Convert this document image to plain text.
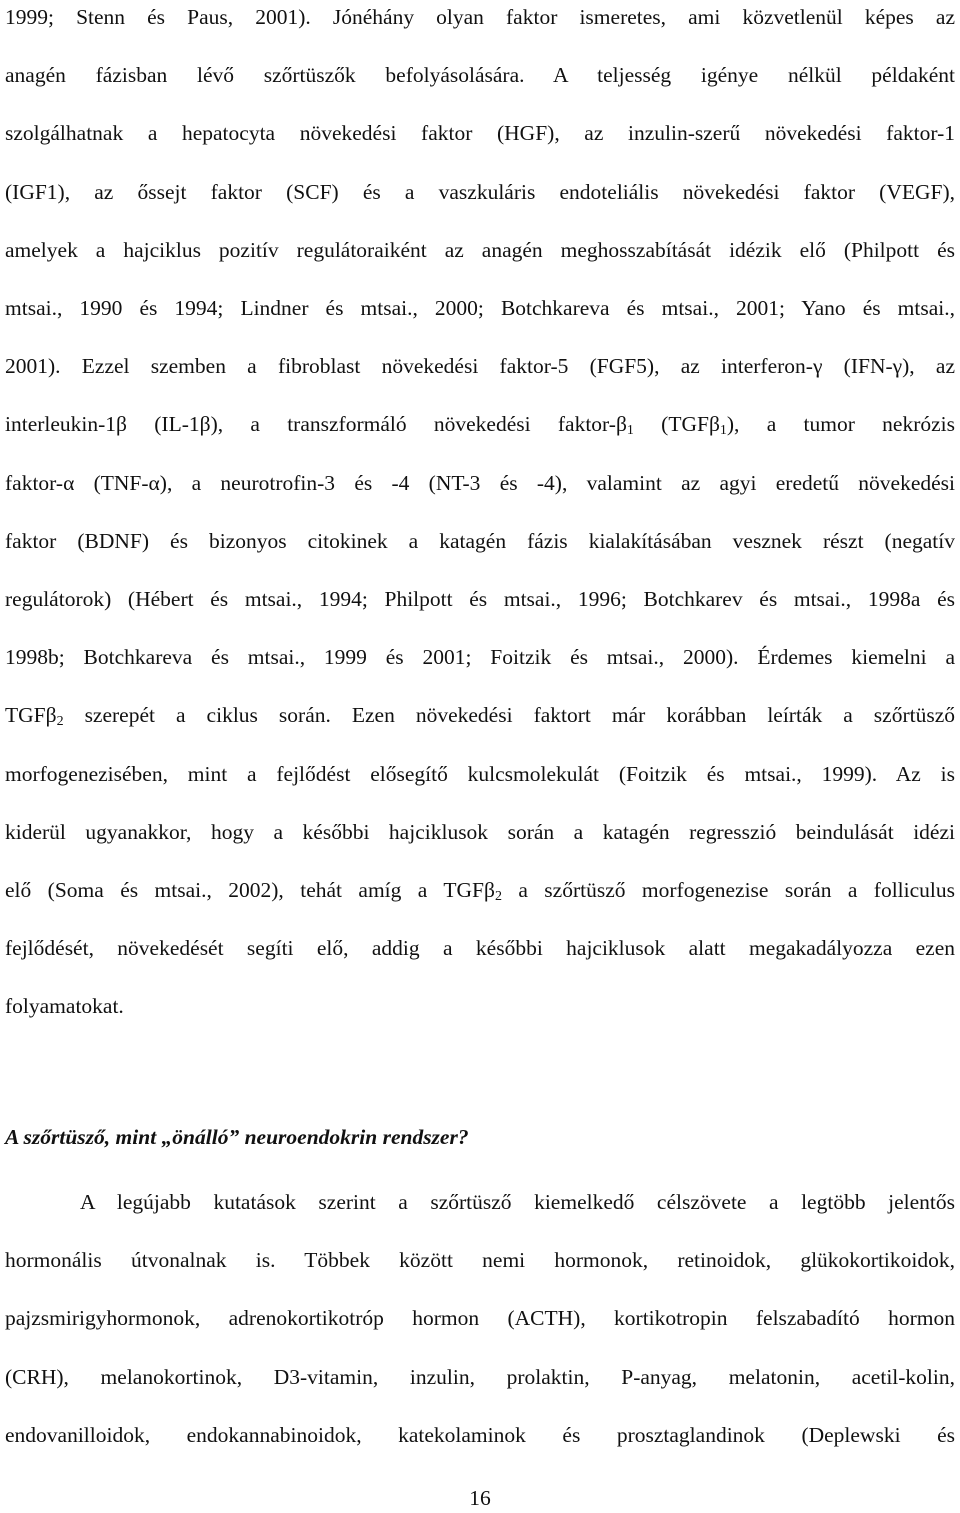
1999; Stenn és Paus, 2001). Jónéhány olyan faktor ismeretes, ami közvetlenül képes az
anagén fázisban lévő szőrtüszők befolyásolására. A teljesség igénye nélkül példaként
szolgálhatnak a hepatocyta növekedési faktor (HGF), az inzulin-szerű növekedési faktor-1
(IGF1), az őssejt faktor (SCF) és a vaszkuláris endoteliális növekedési faktor (VEGF),
amelyek a hajciklus pozitív regulátoraiként az anagén meghosszabítását idézik elő (Philpott és
mtsai., 1990 és 1994; Lindner és mtsai., 2000; Botchkareva és mtsai., 2001; Yano és mtsai.,
2001). Ezzel szemben a fibroblast növekedési faktor-5 (FGF5), az interferon-γ (IFN-γ), az
interleukin-1β (IL-1β), a transzformáló növekedési faktor-$\beta_1$ (TGFβ$_1$), a tumor nekrózis
faktor-α (TNF-α), a neurotrofin-3 és -4 (NT-3 és -4), valamint az agyi eredetű növekedési
faktor (BDNF) és bizonyos citokinek a katagén fázis kialakításában vesznek részt (negatív
regulátorok) (Hébert és mtsai., 1994; Philpott és mtsai., 1996; Botchkarev és mtsai., 1998a és
1998b; Botchkareva és mtsai., 1999 és 2001; Foitzik és mtsai., 2000). Érdemes kiemelni a
TGFβ$_2$ szerepét a ciklus során. Ezen növekedési faktort már korábban leírták a szőrtüsző
morfogenezisében, mint a fejlődést elősegítő kulcsmolekulát (Foitzik és mtsai., 1999). Az is
kiderül ugyanakkor, hogy a későbbi hajciklusok során a katagén regresszió beindulását idézi
elő (Soma és mtsai., 2002), tehát amíg a TGFβ$_2$ a szőrtüsző morfogenezise során a folliculus
fejlődését, növekedését segíti elő, addig a későbbi hajciklusok alatt megakadályozza ezen
folyamatokat.
A szőrtüsző, mint „önálló” neuroendokrin rendszer?
A legújabb kutatások szerint a szőrtüsző kiemelkedő célszövete a legtöbb jelentős
hormonális útvonalnak is. Többek között nemi hormonok, retinoidok, glükokortikoidok,
pajzsmirigyhormonok, adrenokortikotróp hormon (ACTH), kortikotropin felszabadító hormon
(CRH), melanokortinok, D3-vitamin, inzulin, prolaktin, P-anyag, melatonin, acetil-kolin,
endovanilloidok, endokannabinoidok, katekolaminok és prosztaglandinok (Deplewski és
16
